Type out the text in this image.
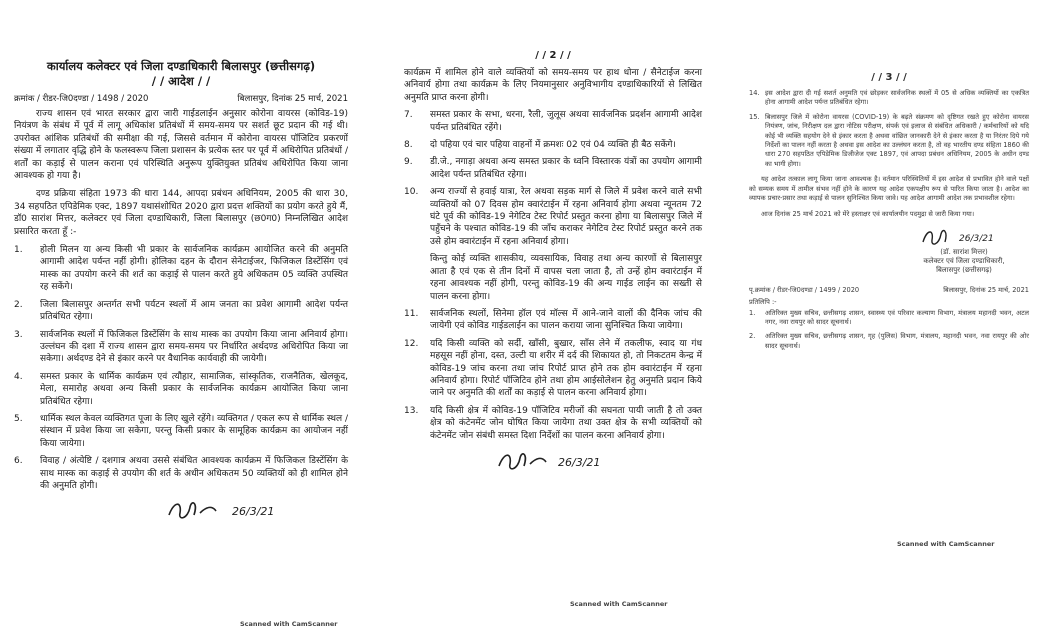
कार्यालय कलेक्टर एवं जिला दण्डाधिकारी बिलासपुर (छत्तीसगढ़)

/ / आदेश / /

क्रमांक / रीडर-जि0दण्डा / 1498 / 2020	बिलासपुर, दिनांक 25 मार्च, 2021

राज्य शासन एवं भारत सरकार द्वारा जारी गाईडलाईन अनुसार कोरोना वायरस (कोविड-19) नियंत्रण के संबंध में पूर्व में लागू अधिकांश प्रतिबंधों में समय-समय पर सशर्त छूट प्रदान की गई थी। उपरोक्त आंशिक प्रतिबंधों की समीक्षा की गई, जिससे वर्तमान में कोरोना वायरस पॉजिटिव प्रकरणों संख्या में लगातार वृद्धि होने के फलस्वरूप जिला प्रशासन के प्रत्येक स्तर पर पूर्व में अधिरोपित प्रतिबंधों / शर्तों का कड़ाई से पालन कराना एवं परिस्थिति अनुरूप युक्तियुक्त प्रतिबंध अधिरोपित किया जाना आवश्यक हो गया है।

दण्ड प्रक्रिया संहिता 1973 की धारा 144, आपदा प्रबंधन अधिनियम, 2005 की धारा 30, 34 सहपठित एपिडेमिक एक्ट, 1897 यथासंशोधित 2020 द्वारा प्रदत्त शक्तियों का प्रयोग करते हुये मैं, डॉ0 सारांश मित्तर, कलेक्टर एवं जिला दण्डाधिकारी, जिला बिलासपुर (छ0ग0) निम्नलिखित आदेश प्रसारित करता हूँ :-

1.	होली मिलन या अन्य किसी भी प्रकार के सार्वजनिक कार्यक्रम आयोजित करने की अनुमति आगामी आदेश पर्यन्त नहीं होगी। होलिका दहन के दौरान सेनेटाईजर, फिजिकल डिस्टेंसिंग एवं मास्क का उपयोग करने की शर्त का कड़ाई से पालन करते हुये अधिकतम 05 व्यक्ति उपस्थित रह सकेंगे।
2.	जिला बिलासपुर अन्तर्गत सभी पर्यटन स्थलों में आम जनता का प्रवेश आगामी आदेश पर्यन्त प्रतिबंधित रहेगा।
3.	सार्वजनिक स्थलों में फिजिकल डिस्टेंसिंग के साथ मास्क का उपयोग किया जाना अनिवार्य होगा। उल्लंघन की दशा में राज्य शासन द्वारा समय-समय पर निर्धारित अर्थदण्ड अधिरोपित किया जा सकेगा। अर्थदण्ड देने से इंकार करने पर वैधानिक कार्यवाही की जायेगी।
4.	समस्त प्रकार के धार्मिक कार्यक्रम एवं त्यौहार, सामाजिक, सांस्कृतिक, राजनैतिक, खेलकूद, मेला, समारोह अथवा अन्य किसी प्रकार के सार्वजनिक कार्यक्रम आयोजित किया जाना प्रतिबंधित रहेगा।
5.	धार्मिक स्थल केवल व्यक्तिगत पूजा के लिए खुले रहेंगे। व्यक्तिगत / एकल रूप से धार्मिक स्थल / संस्थान में प्रवेश किया जा सकेगा, परन्तु किसी प्रकार के सामूहिक कार्यक्रम का आयोजन नहीं किया जायेगा।
6.	विवाह / अंत्येष्टि / दशगात्र अथवा उससे संबंधित आवश्यक कार्यक्रम में फिजिकल डिस्टेंसिंग के साथ मास्क का कड़ाई से उपयोग की शर्त के अधीन अधिकतम 50 व्यक्तियों को ही शामिल होने की अनुमति होगी।
26/3/21
Scanned with CamScanner
/ / 2 / /

कार्यक्रम में शामिल होने वाले व्यक्तियों को समय-समय पर हाथ धोना / सैनेटाईज करना अनिवार्य होगा तथा कार्यक्रम के लिए नियमानुसार अनुविभागीय दण्डाधिकारियों से लिखित अनुमति प्राप्त करना होगी।

7.	समस्त प्रकार के सभा, धरना, रैली, जुलूस अथवा सार्वजनिक प्रदर्शन आगामी आदेश पर्यन्त प्रतिबंधित रहेंगे।
8.	दो पहिया एवं चार पहिया वाहनों में क्रमशः 02 एवं 04 व्यक्ति ही बैठ सकेंगे।
9.	डी.जे., नगाड़ा अथवा अन्य समस्त प्रकार के ध्वनि विस्तारक यंत्रों का उपयोग आगामी आदेश पर्यन्त प्रतिबंधित रहेगा।
10.	अन्य राज्यों से हवाई यात्रा, रेल अथवा सड़क मार्ग से जिले में प्रवेश करने वाले सभी व्यक्तियों को 07 दिवस होम क्वारंटाईन में रहना अनिवार्य होगा अथवा न्यूनतम 72 घंटे पूर्व की कोविड-19 नेगेटिव टेस्ट रिपोर्ट प्रस्तुत करना होगा या बिलासपुर जिले में पहुँचने के पश्चात कोविड-19 की जाँच कराकर नेगेटिव टेस्ट रिपोर्ट प्रस्तुत करने तक उसे होम क्वारंटाईन में रहना अनिवार्य होगा।
किन्तु कोई व्यक्ति शासकीय, व्यवसायिक, विवाह तथा अन्य कारणों से बिलासपुर आता है एवं एक से तीन दिनों में वापस चला जाता है, तो उन्हें होम क्वारंटाईन में रहना आवश्यक नहीं होगी, परन्तु कोविड-19 की अन्य गाईड लाईन का सख्ती से पालन करना होगा।
11.	सार्वजनिक स्थलों, सिनेमा हॉल एवं मॉल्स में आने-जाने वालों की दैनिक जांच की जायेगी एवं कोविड गाईडलाईन का पालन कराया जाना सुनिश्चित किया जायेगा।
12.	यदि किसी व्यक्ति को सर्दी, खाँसी, बुखार, साँस लेने में तकलीफ, स्वाद या गंध महसूस नहीं होना, दस्त, उल्टी या शरीर में दर्द की शिकायत हो, तो निकटतम केन्द्र में कोविड-19 जांच करना तथा जांच रिपोर्ट प्राप्त होने तक होम क्वारंटाईन में रहना अनिवार्य होगा। रिपोर्ट पॉजिटिव होने तथा होम आईसोलेशन हेतु अनुमति प्रदान किये जाने पर अनुमति की शर्तों का कड़ाई से पालन करना अनिवार्य होगा।
13.	यदि किसी क्षेत्र में कोविड-19 पॉजिटिव मरीजों की सघनता पायी जाती है तो उक्त क्षेत्र को कंटेनमेंट जोन घोषित किया जायेगा तथा उक्त क्षेत्र के सभी व्यक्तियों को कंटेनमेंट जोन संबंधी समस्त दिशा निर्देशों का पालन करना अनिवार्य होगा।
26/3/21
Scanned with CamScanner
/ / 3 / /
14. इस आदेश द्वारा दी गई सशर्त अनुमति एवं छोड़कर सार्वजनिक स्थलों में 05 से अधिक व्यक्तियों का एकत्रित होना आगामी आदेश पर्यन्त प्रतिबंधित रहेगा।
15. बिलासपुर जिले में कोरोना वायरस (COVID-19) के बढ़ते संक्रमण को दृष्टिगत रखते हुए कोरोना वायरस नियंत्रण, जांच, निरीक्षण दल द्वारा नोटिस परीक्षण, संपर्क एवं इलाज से संबंधित अधिकारी / कर्मचारियों को यदि कोई भी व्यक्ति सहयोग देने से इंकार करता है अथवा वांछित जानकारी देने से इंकार करता है या निरंतर दिये गये निर्देशों का पालन नहीं करता है अथवा इस आदेश का उल्लंघन करता है, तो वह भारतीय दण्ड संहिता 1860 की धारा 270 सहपठित एपिडेमिक डिजीजेज एक्ट 1897, एवं आपदा प्रबंधन अधिनियम, 2005 के अधीन दण्ड का भागी होगा।

यह आदेश तत्काल लागू किया जाना आवश्यक है। वर्तमान परिस्थितियों में इस आदेश से प्रभावित होने वाले पक्षों को सम्यक समय में तामील संभव नहीं होने के कारण यह आदेश एकपक्षीय रूप से पारित किया जाता है। आदेश का व्यापक प्रचार-प्रसार तथा कड़ाई से पालन सुनिश्चित किया जावे। यह आदेश आगामी आदेश तक प्रभावशील रहेगा।

आज दिनांक 25 मार्च 2021 को मेरे हस्ताक्षर एवं कार्यालयीन पदमुद्रा से जारी किया गया।

26/3/21
(डॉ. सारांश मित्तर)
कलेक्टर एवं जिला दण्डाधिकारी,
बिलासपुर (छत्तीसगढ़)
पृ.क्रमांक / रीडर-जि0दण्डा / 1499 / 2020	बिलासपुर, दिनांक 25 मार्च, 2021
प्रतिलिपि :-
1.	अतिरिक्त मुख्य सचिव, छत्तीसगढ़ शासन, स्वास्थ्य एवं परिवार कल्याण विभाग, मंत्रालय महानदी भवन, अटल नगर, नवा रायपुर को सादर सूचनार्थ।
2.	अतिरिक्त मुख्य सचिव, छत्तीसगढ़ शासन, गृह (पुलिस) विभाग, मंत्रालय, महानदी भवन, नवा रायपुर की ओर सादर सूचनार्थ।
Scanned with CamScanner
